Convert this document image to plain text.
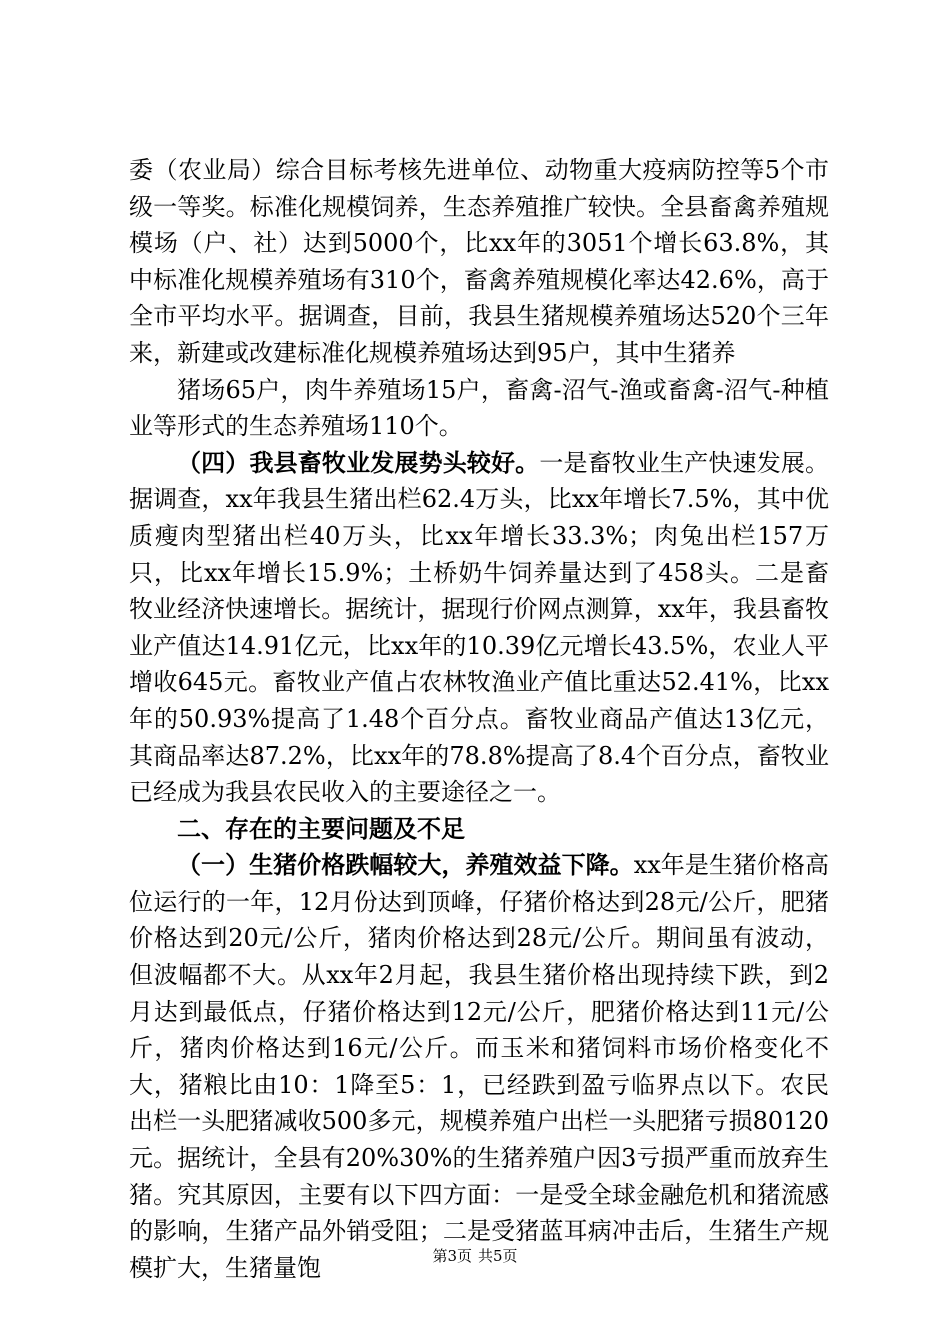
委（农业局）综合目标考核先进单位、动物重大疫病防控等5个市级一等奖。标准化规模饲养，生态养殖推广较快。全县畜禽养殖规模场（户、社）达到5000个，比xx年的3051个增长63.8%，其中标准化规模养殖场有310个，畜禽养殖规模化率达42.6%，高于全市平均水平。据调查，目前，我县生猪规模养殖场达520个三年来，新建或改建标准化规模养殖场达到95户，其中生猪养

猪场65户，肉牛养殖场15户，畜禽-沼气-渔或畜禽-沼气-种植业等形式的生态养殖场110个。

（四）我县畜牧业发展势头较好。一是畜牧业生产快速发展。据调查，xx年我县生猪出栏62.4万头，比xx年增长7.5%，其中优质瘦肉型猪出栏40万头，比xx年增长33.3%；肉兔出栏157万只，比xx年增长15.9%；土桥奶牛饲养量达到了458头。二是畜牧业经济快速增长。据统计，据现行价网点测算，xx年，我县畜牧业产值达14.91亿元，比xx年的10.39亿元增长43.5%，农业人平增收645元。畜牧业产值占农林牧渔业产值比重达52.41%，比xx年的50.93%提高了1.48个百分点。畜牧业商品产值达13亿元，其商品率达87.2%，比xx年的78.8%提高了8.4个百分点，畜牧业已经成为我县农民收入的主要途径之一。

二、存在的主要问题及不足

（一）生猪价格跌幅较大，养殖效益下降。xx年是生猪价格高位运行的一年，12月份达到顶峰，仔猪价格达到28元/公斤，肥猪价格达到20元/公斤，猪肉价格达到28元/公斤。期间虽有波动，但波幅都不大。从xx年2月起，我县生猪价格出现持续下跌，到2月达到最低点，仔猪价格达到12元/公斤，肥猪价格达到11元/公斤，猪肉价格达到16元/公斤。而玉米和猪饲料市场价格变化不大，猪粮比由10：1降至5：1，已经跌到盈亏临界点以下。农民出栏一头肥猪减收500多元，规模养殖户出栏一头肥猪亏损80120元。据统计，全县有20%30%的生猪养殖户因3亏损严重而放弃生猪。究其原因，主要有以下四方面：一是受全球金融危机和猪流感的影响，生猪产品外销受阻；二是受猪蓝耳病冲击后，生猪生产规模扩大，生猪量饱	第3页 共5页
